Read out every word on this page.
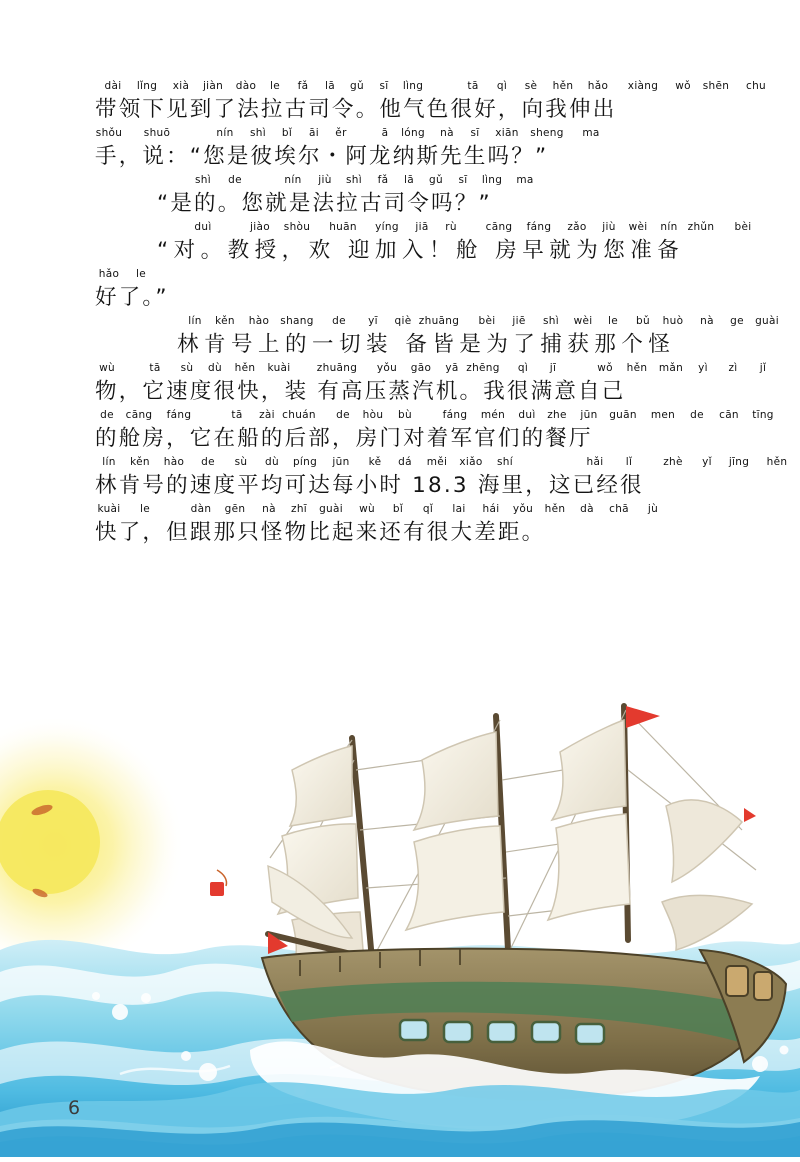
dài lǐng xià jiàn dào le fǎ lā gǔ sī lìng	tā qì sè hěn hǎo xiàng wǒ shēn chu
带领下见到了法拉古司令。他气色很好，向我伸出
shǒu shuō	nín shì bǐ āi ěr	ā lóng nà sī xiān sheng ma
手，说：“您是彼埃尔・阿龙纳斯先生吗？”
shì de	nín jiù shì fǎ lā gǔ sī lìng ma
“是的。您就是法拉古司令吗？”
duì	jiào shòu huān yíng jiā rù	cāng fáng zǎo jiù wèi nín zhǔn bèi
“对。教授，欢 迎加入！舱 房早就为您准备
hǎo le
好了。”
lín kěn hào shang de yī qiè zhuāng bèi jiē shì wèi le bǔ huò nà ge guài
林肯号上的一切装 备皆是为了捕获那个怪
wù	tā sù dù hěn kuài	zhuāng yǒu gāo yā zhēng qì jī	wǒ hěn mǎn yì zì jǐ
物，它速度很快，装 有高压蒸汽机。我很满意自己
de cāng fáng	tā zài chuán de hòu bù	fáng mén duì zhe jūn guān men de cān tīng
的舱房，它在船的后部，房门对着军官们的餐厅
lín kěn hào de sù dù píng jūn kě dá měi xiǎo shí	hǎi lǐ	zhè yǐ jīng hěn
林肯号的速度平均可达每小时 18.3 海里，这已经很
kuài le	dàn gēn nà zhī guài wù bǐ qǐ lai hái yǒu hěn dà chā jù
快了，但跟那只怪物比起来还有很大差距。
6
